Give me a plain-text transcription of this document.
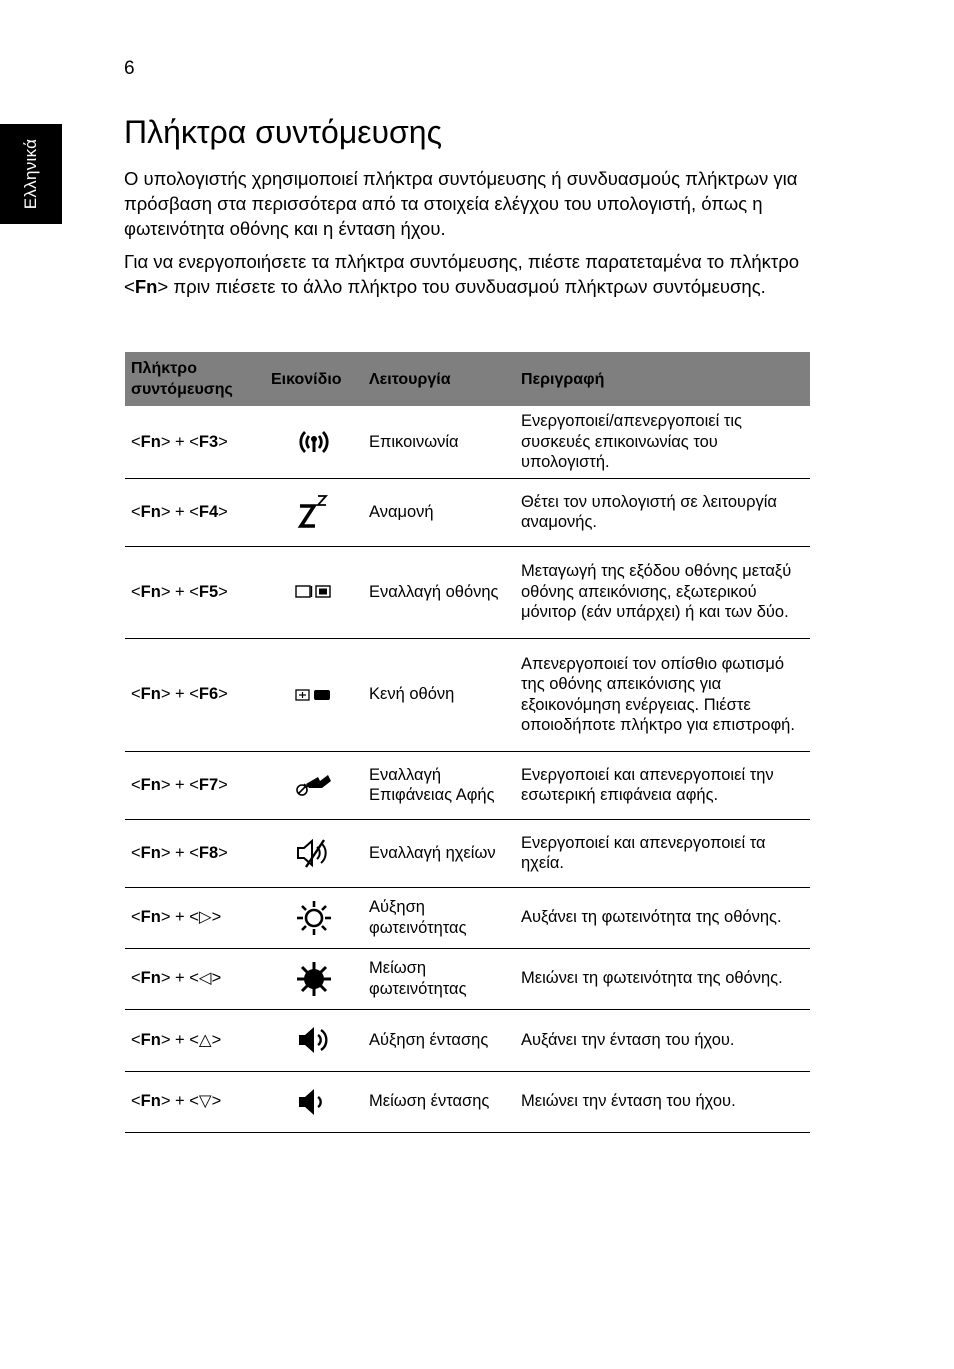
6
Ελληνικά
Πλήκτρα συντόμευσης

Ο υπολογιστής χρησιμοποιεί πλήκτρα συντόμευσης ή συνδυασμούς πλήκτρων για πρόσβαση στα περισσότερα από τα στοιχεία ελέγχου του υπολογιστή, όπως η φωτεινότητα οθόνης και η ένταση ήχου.

Για να ενεργοποιήσετε τα πλήκτρα συντόμευσης, πιέστε παρατεταμένα το πλήκτρο <Fn> πριν πιέσετε το άλλο πλήκτρο του συνδυασμού πλήκτρων συντόμευσης.

Πλήκτρο συντόμευσης	Εικονίδιο	Λειτουργία	Περιγραφή
<Fn> + <F3>		Επικοινωνία	Ενεργοποιεί/απενεργοποιεί τις συσκευές επικοινωνίας του υπολογιστή.
<Fn> + <F4>		Αναμονή	Θέτει τον υπολογιστή σε λειτουργία αναμονής.
<Fn> + <F5>		Εναλλαγή οθόνης	Μεταγωγή της εξόδου οθόνης μεταξύ οθόνης απεικόνισης, εξωτερικού μόνιτορ (εάν υπάρχει) ή και των δύο.
<Fn> + <F6>		Κενή οθόνη	Απενεργοποιεί τον οπίσθιο φωτισμό της οθόνης απεικόνισης για εξοικονόμηση ενέργειας. Πιέστε οποιοδήποτε πλήκτρο για επιστροφή.
<Fn> + <F7>		Εναλλαγή Επιφάνειας Αφής	Ενεργοποιεί και απενεργοποιεί την εσωτερική επιφάνεια αφής.
<Fn> + <F8>		Εναλλαγή ηχείων	Ενεργοποιεί και απενεργοποιεί τα ηχεία.
<Fn> + <▷>		Αύξηση φωτεινότητας	Αυξάνει τη φωτεινότητα της οθόνης.
<Fn> + <◁>		Μείωση φωτεινότητας	Μειώνει τη φωτεινότητα της οθόνης.
<Fn> + <△>		Αύξηση έντασης	Αυξάνει την ένταση του ήχου.
<Fn> + <▽>		Μείωση έντασης	Μειώνει την ένταση του ήχου.
